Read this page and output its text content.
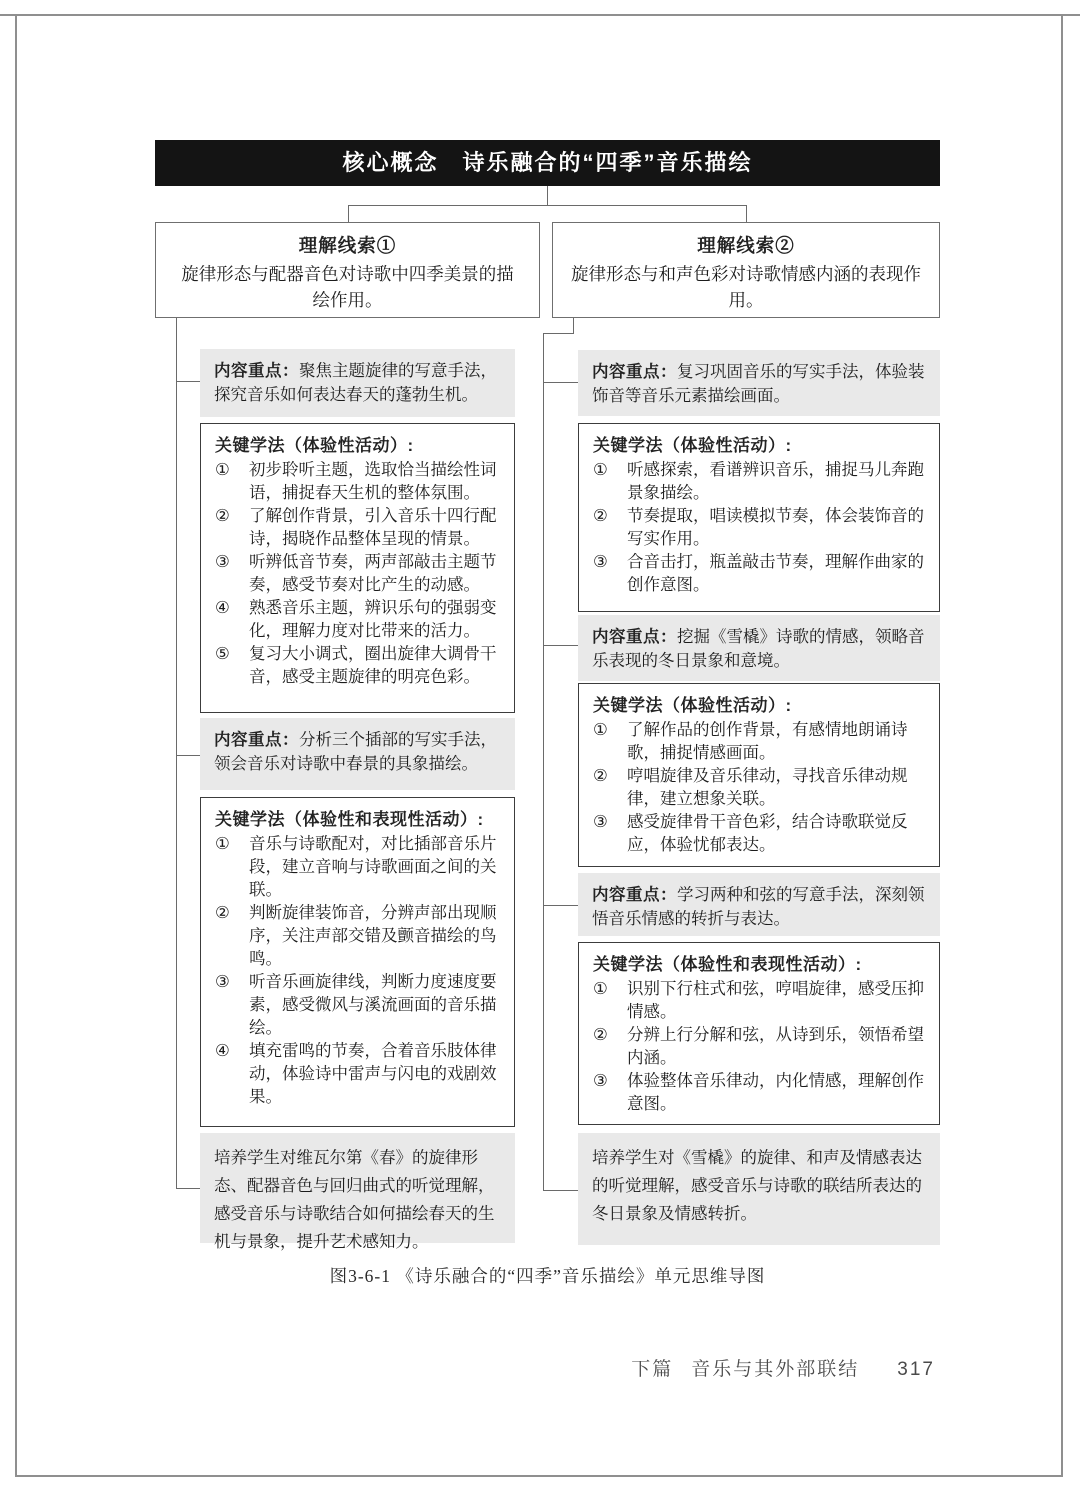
核心概念　诗乐融合的“四季”音乐描绘
理解线索①
旋律形态与配器音色对诗歌中四季美景的描绘作用。
理解线索②
旋律形态与和声色彩对诗歌情感内涵的表现作用。
内容重点：聚焦主题旋律的写意手法，探究音乐如何表达春天的蓬勃生机。
关键学法（体验性活动）:
①	初步聆听主题，选取恰当描绘性词语，捕捉春天生机的整体氛围。
②	了解创作背景，引入音乐十四行配诗，揭晓作品整体呈现的情景。
③	听辨低音节奏，两声部敲击主题节奏，感受节奏对比产生的动感。
④	熟悉音乐主题，辨识乐句的强弱变化，理解力度对比带来的活力。
⑤	复习大小调式，圈出旋律大调骨干音，感受主题旋律的明亮色彩。
内容重点：分析三个插部的写实手法，领会音乐对诗歌中春景的具象描绘。
关键学法（体验性和表现性活动）:
①	音乐与诗歌配对，对比插部音乐片段，建立音响与诗歌画面之间的关联。
②	判断旋律装饰音，分辨声部出现顺序，关注声部交错及颤音描绘的鸟鸣。
③	听音乐画旋律线，判断力度速度要素，感受微风与溪流画面的音乐描绘。
④	填充雷鸣的节奏，合着音乐肢体律动，体验诗中雷声与闪电的戏剧效果。
培养学生对维瓦尔第《春》的旋律形态、配器音色与回归曲式的听觉理解，感受音乐与诗歌结合如何描绘春天的生机与景象，提升艺术感知力。
内容重点：复习巩固音乐的写实手法，体验装饰音等音乐元素描绘画面。
关键学法（体验性活动）:
①	听感探索，看谱辨识音乐，捕捉马儿奔跑景象描绘。
②	节奏提取，唱读模拟节奏，体会装饰音的写实作用。
③	合音击打，瓶盖敲击节奏，理解作曲家的创作意图。
内容重点：挖掘《雪橇》诗歌的情感，领略音乐表现的冬日景象和意境。
关键学法（体验性活动）:
①	了解作品的创作背景，有感情地朗诵诗歌，捕捉情感画面。
②	哼唱旋律及音乐律动，寻找音乐律动规律，建立想象关联。
③	感受旋律骨干音色彩，结合诗歌联觉反应，体验忧郁表达。
内容重点：学习两种和弦的写意手法，深刻领悟音乐情感的转折与表达。
关键学法（体验性和表现性活动）:
①	识别下行柱式和弦，哼唱旋律，感受压抑情感。
②	分辨上行分解和弦，从诗到乐，领悟希望内涵。
③	体验整体音乐律动，内化情感，理解创作意图。
培养学生对《雪橇》的旋律、和声及情感表达的听觉理解，感受音乐与诗歌的联结所表达的冬日景象及情感转折。
图3-6-1 《诗乐融合的“四季”音乐描绘》单元思维导图
下篇 音乐与其外部联结 317
